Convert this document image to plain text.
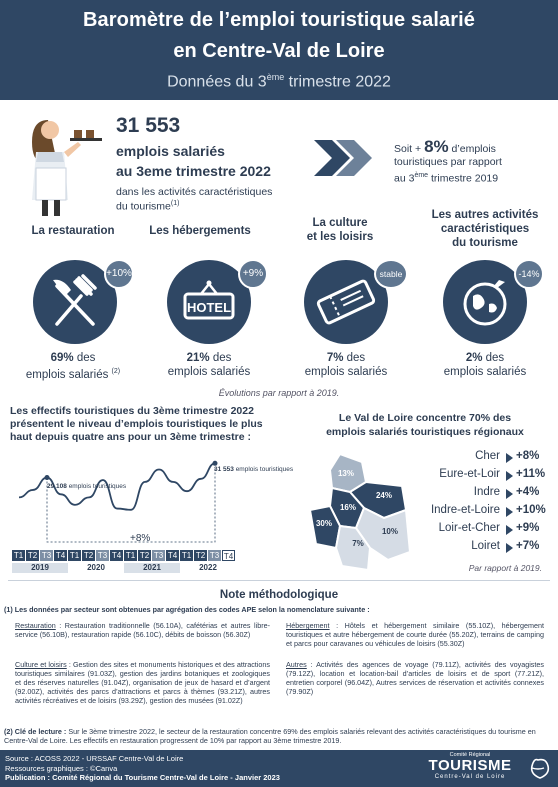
Baromètre de l’emploi touristique salarié
en Centre-Val de Loire
Données du 3ème trimestre 2022
31 553
emplois salariés
au 3eme trimestre 2022
dans les activités caractéristiques
du tourisme$^{(1)}$
Soit + 8% d’emplois
touristiques par rapport
au 3ème trimestre 2019
La restauration	Les hébergements
La culture
et les loisirs
Les autres activités
caractéristiques
du tourisme
+10%
HOTEL
+9%	stable	-14%
69% des
emplois salariés $^{(2)}$
21% des
emplois salariés
7% des
emplois salariés
2% des
emplois salariés
Évolutions par rapport à 2019.
Les effectifs touristiques du 3ème trimestre 2022
présentent le niveau d’emplois touristiques le plus
haut depuis quatre ans pour un 3ème trimestre :
29 108 emplois touristiques
31 553 emplois touristiques
+8%
T1 T2 T3 T4 T1 T2 T3 T4 T1 T2 T3 T4 T1 T2 T3 T4
2019	2020	2021	2022
Le Val de Loire concentre 70% des
emplois salariés touristiques régionaux
13%
24%
16%
30%
10%
7%
Cher +8%
Eure-et-Loir +11%
Indre +4%
Indre-et-Loire +10%
Loir-et-Cher +9%
Loiret +7%
Par rapport à 2019.
Note méthodologique
(1) Les données par secteur sont obtenues par agrégation des codes APE selon la nomenclature suivante :
Restauration : Restauration traditionnelle (56.10A), cafétérias et autres libre-service (56.10B), restauration rapide (56.10C), débits de boisson (56.30Z)
Hébergement : Hôtels et hébergement similaire (55.10Z), hébergement touristiques et autre hébergement de courte durée (55.20Z), terrains de camping et parcs pour caravanes ou véhicules de loisirs (55.30Z)
Culture et loisirs : Gestion des sites et monuments historiques et des attractions touristiques similaires (91.03Z), gestion des jardins botaniques et zoologiques et des réserves naturelles (91.04Z), organisation de jeux de hasard et d’argent (92.00Z), activités des parcs d’attractions et parcs à thèmes (93.21Z), autres activités récréatives et de loisirs (93.29Z), gestion des musées (91.02Z)
Autres : Activités des agences de voyage (79.11Z), activités des voyagistes (79.12Z), location et location-bail d’articles de loisirs et de sport (77.21Z), entretien corporel (96.04Z), Autres services de réservation et activités connexes (79.90Z)
(2) Clé de lecture : Sur le 3ème trimestre 2022, le secteur de la restauration concentre 69% des emplois salariés relevant des activités caractéristiques du tourisme en Centre-Val de Loire. Les effectifs en restauration progressent de 10% par rapport au 3ème trimestre 2019.
Source : ACOSS 2022 - URSSAF Centre-Val de Loire
Ressources graphiques : ©Canva
Publication : Comité Régional du Tourisme Centre-Val de Loire - Janvier 2023
Comité Régional
TOURISME
Centre-Val de Loire
